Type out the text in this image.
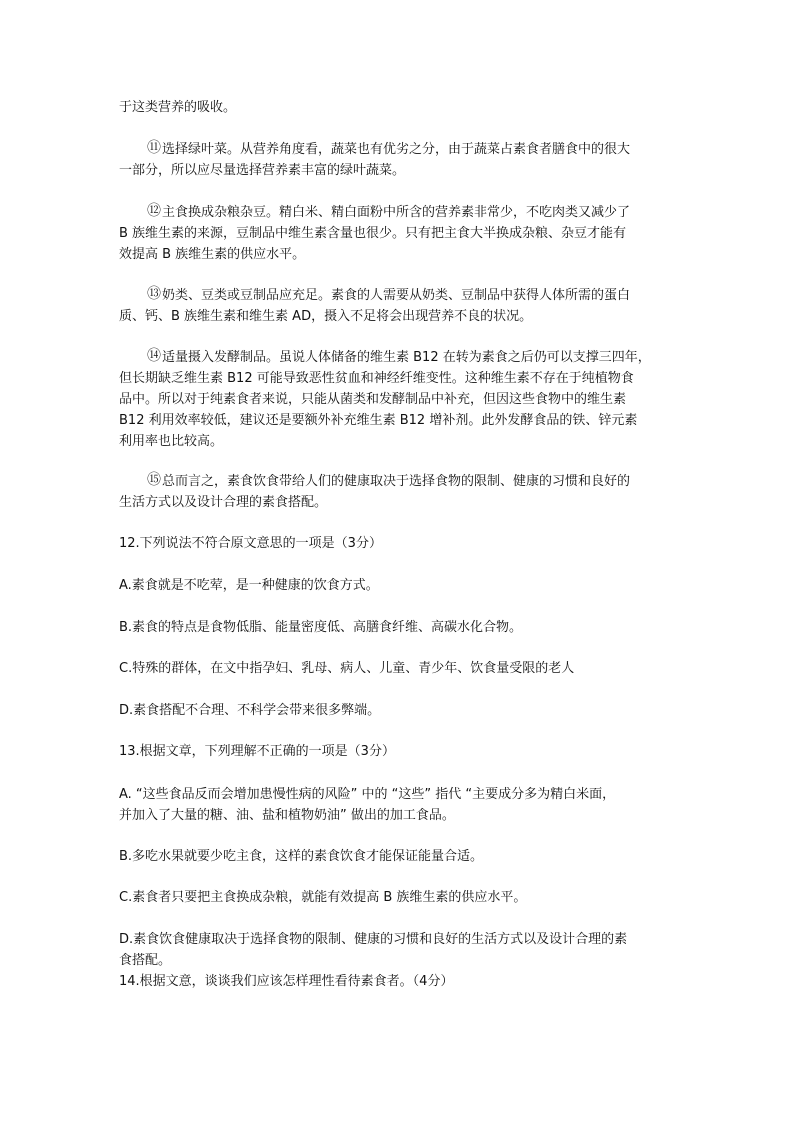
于这类营养的吸收。
⑪选择绿叶菜。从营养角度看，蔬菜也有优劣之分，由于蔬菜占素食者膳食中的很大
一部分，所以应尽量选择营养素丰富的绿叶蔬菜。
⑫主食换成杂粮杂豆。精白米、精白面粉中所含的营养素非常少，不吃肉类又减少了
B 族维生素的来源，豆制品中维生素含量也很少。只有把主食大半换成杂粮、杂豆才能有
效提高 B 族维生素的供应水平。
⑬奶类、豆类或豆制品应充足。素食的人需要从奶类、豆制品中获得人体所需的蛋白
质、钙、B 族维生素和维生素 AD，摄入不足将会出现营养不良的状况。
⑭适量摄入发酵制品。虽说人体储备的维生素 B12 在转为素食之后仍可以支撑三四年，
但长期缺乏维生素 B12 可能导致恶性贫血和神经纤维变性。这种维生素不存在于纯植物食
品中。所以对于纯素食者来说，只能从菌类和发酵制品中补充，但因这些食物中的维生素
B12 利用效率较低，建议还是要额外补充维生素 B12 增补剂。此外发酵食品的铁、锌元素
利用率也比较高。
⑮总而言之，素食饮食带给人们的健康取决于选择食物的限制、健康的习惯和良好的
生活方式以及设计合理的素食搭配。
12.下列说法不符合原文意思的一项是（3分）
A.素食就是不吃荤，是一种健康的饮食方式。
B.素食的特点是食物低脂、能量密度低、高膳食纤维、高碳水化合物。
C.特殊的群体，在文中指孕妇、乳母、病人、儿童、青少年、饮食量受限的老人
D.素食搭配不合理、不科学会带来很多弊端。
13.根据文章，下列理解不正确的一项是（3分）
A. “这些食品反而会增加患慢性病的风险” 中的 “这些” 指代 “主要成分多为精白米面，
并加入了大量的糖、油、盐和植物奶油” 做出的加工食品。
B.多吃水果就要少吃主食，这样的素食饮食才能保证能量合适。
C.素食者只要把主食换成杂粮，就能有效提高 B 族维生素的供应水平。
D.素食饮食健康取决于选择食物的限制、健康的习惯和良好的生活方式以及设计合理的素
食搭配。
14.根据文意，谈谈我们应该怎样理性看待素食者。（4分）
